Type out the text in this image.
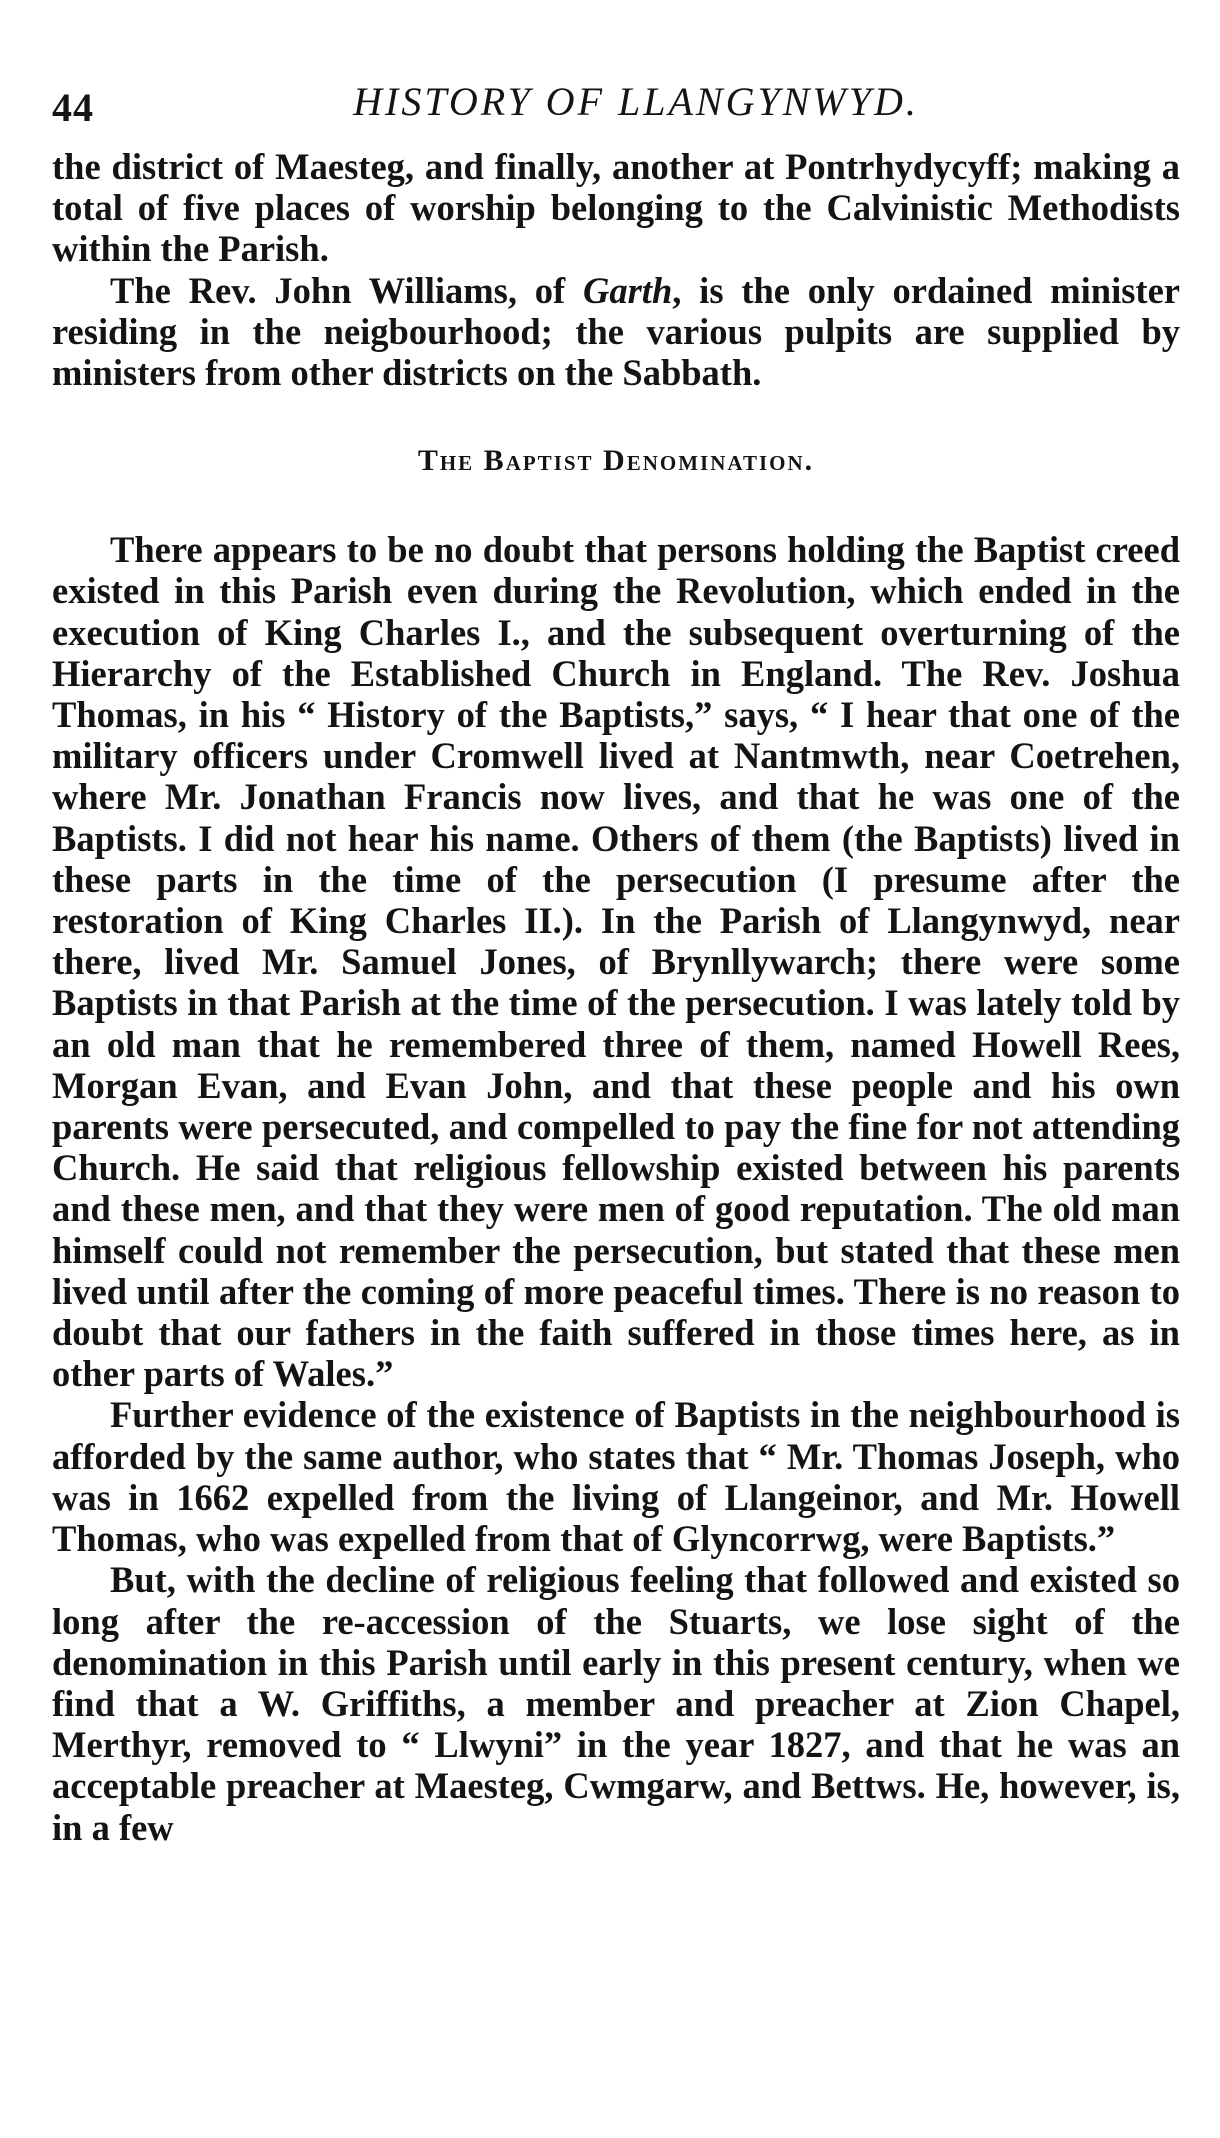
44	HISTORY OF LLANGYNWYD.

the district of Maesteg, and finally, another at Pontrhydycyff; making a total of five places of worship belonging to the Calvinistic Methodists within the Parish.

The Rev. John Williams, of Garth, is the only ordained minister residing in the neigbourhood; the various pulpits are supplied by ministers from other districts on the Sabbath.

The Baptist Denomination.

There appears to be no doubt that persons holding the Baptist creed existed in this Parish even during the Revolution, which ended in the execution of King Charles I., and the subsequent overturning of the Hierarchy of the Established Church in England. The Rev. Joshua Thomas, in his “ History of the Baptists,” says, “ I hear that one of the military officers under Cromwell lived at Nantmwth, near Coetrehen, where Mr. Jonathan Francis now lives, and that he was one of the Baptists. I did not hear his name. Others of them (the Baptists) lived in these parts in the time of the persecution (I presume after the restoration of King Charles II.). In the Parish of Llangynwyd, near there, lived Mr. Samuel Jones, of Brynllywarch; there were some Baptists in that Parish at the time of the persecution. I was lately told by an old man that he remembered three of them, named Howell Rees, Morgan Evan, and Evan John, and that these people and his own parents were persecuted, and compelled to pay the fine for not attending Church. He said that religious fellowship existed between his parents and these men, and that they were men of good reputation. The old man himself could not remember the persecution, but stated that these men lived until after the coming of more peaceful times. There is no reason to doubt that our fathers in the faith suffered in those times here, as in other parts of Wales.”

Further evidence of the existence of Baptists in the neighbourhood is afforded by the same author, who states that “ Mr. Thomas Joseph, who was in 1662 expelled from the living of Llangeinor, and Mr. Howell Thomas, who was expelled from that of Glyncorrwg, were Baptists.”

But, with the decline of religious feeling that followed and existed so long after the re-accession of the Stuarts, we lose sight of the denomination in this Parish until early in this present century, when we find that a W. Griffiths, a member and preacher at Zion Chapel, Merthyr, removed to “ Llwyni” in the year 1827, and that he was an acceptable preacher at Maesteg, Cwmgarw, and Bettws. He, however, is, in a few
